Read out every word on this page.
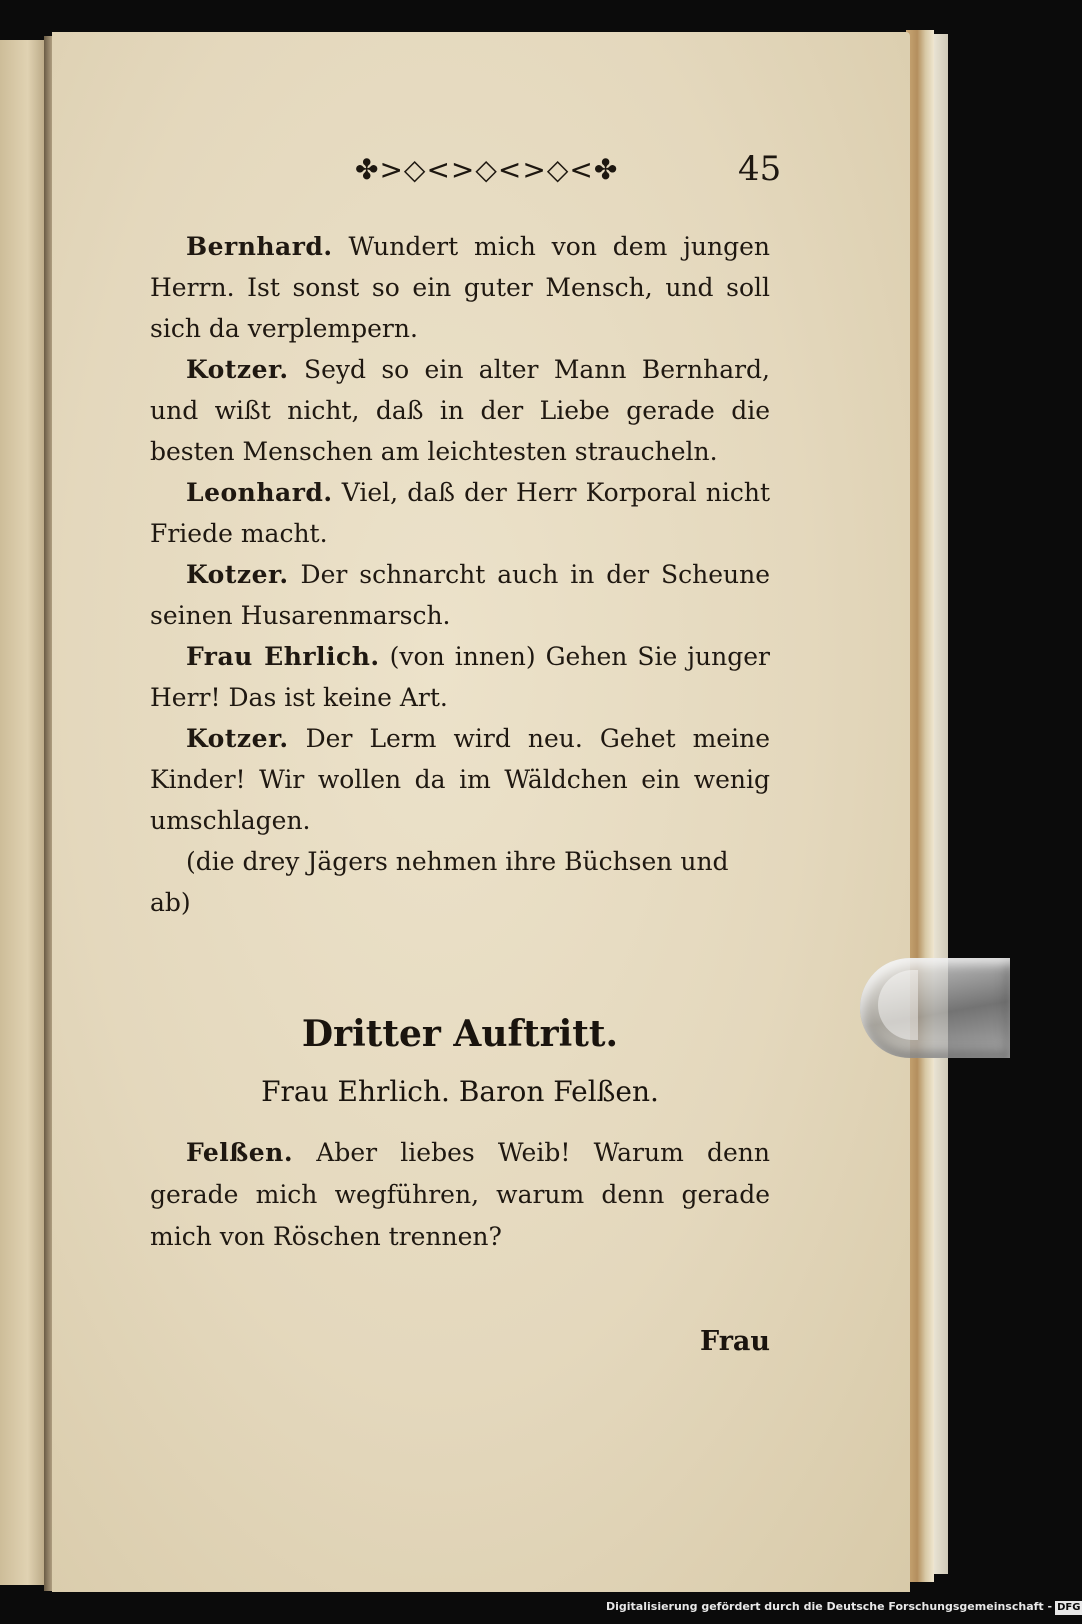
✤>◇<>◇<>◇<✤	45

Bernhard. Wundert mich von dem jungen Herrn. Ist sonst so ein guter Mensch, und soll sich da verplempern.

Kotzer. Seyd so ein alter Mann Bernhard, und wißt nicht, daß in der Liebe gerade die besten Menschen am leichtesten straucheln.

Leonhard. Viel, daß der Herr Korporal nicht Friede macht.

Kotzer. Der schnarcht auch in der Scheune seinen Husarenmarsch.

Frau Ehrlich. (von innen) Gehen Sie junger Herr! Das ist keine Art.

Kotzer. Der Lerm wird neu. Gehet meine Kinder! Wir wollen da im Wäldchen ein wenig umschlagen.

(die drey Jägers nehmen ihre Büchsen und ab)

Dritter Auftritt.
Frau Ehrlich. Baron Felßen.

Felßen. Aber liebes Weib! Warum denn gerade mich wegführen, warum denn gerade mich von Röschen trennen?

Frau
Digitalisierung gefördert durch die Deutsche Forschungsgemeinschaft - DFG
